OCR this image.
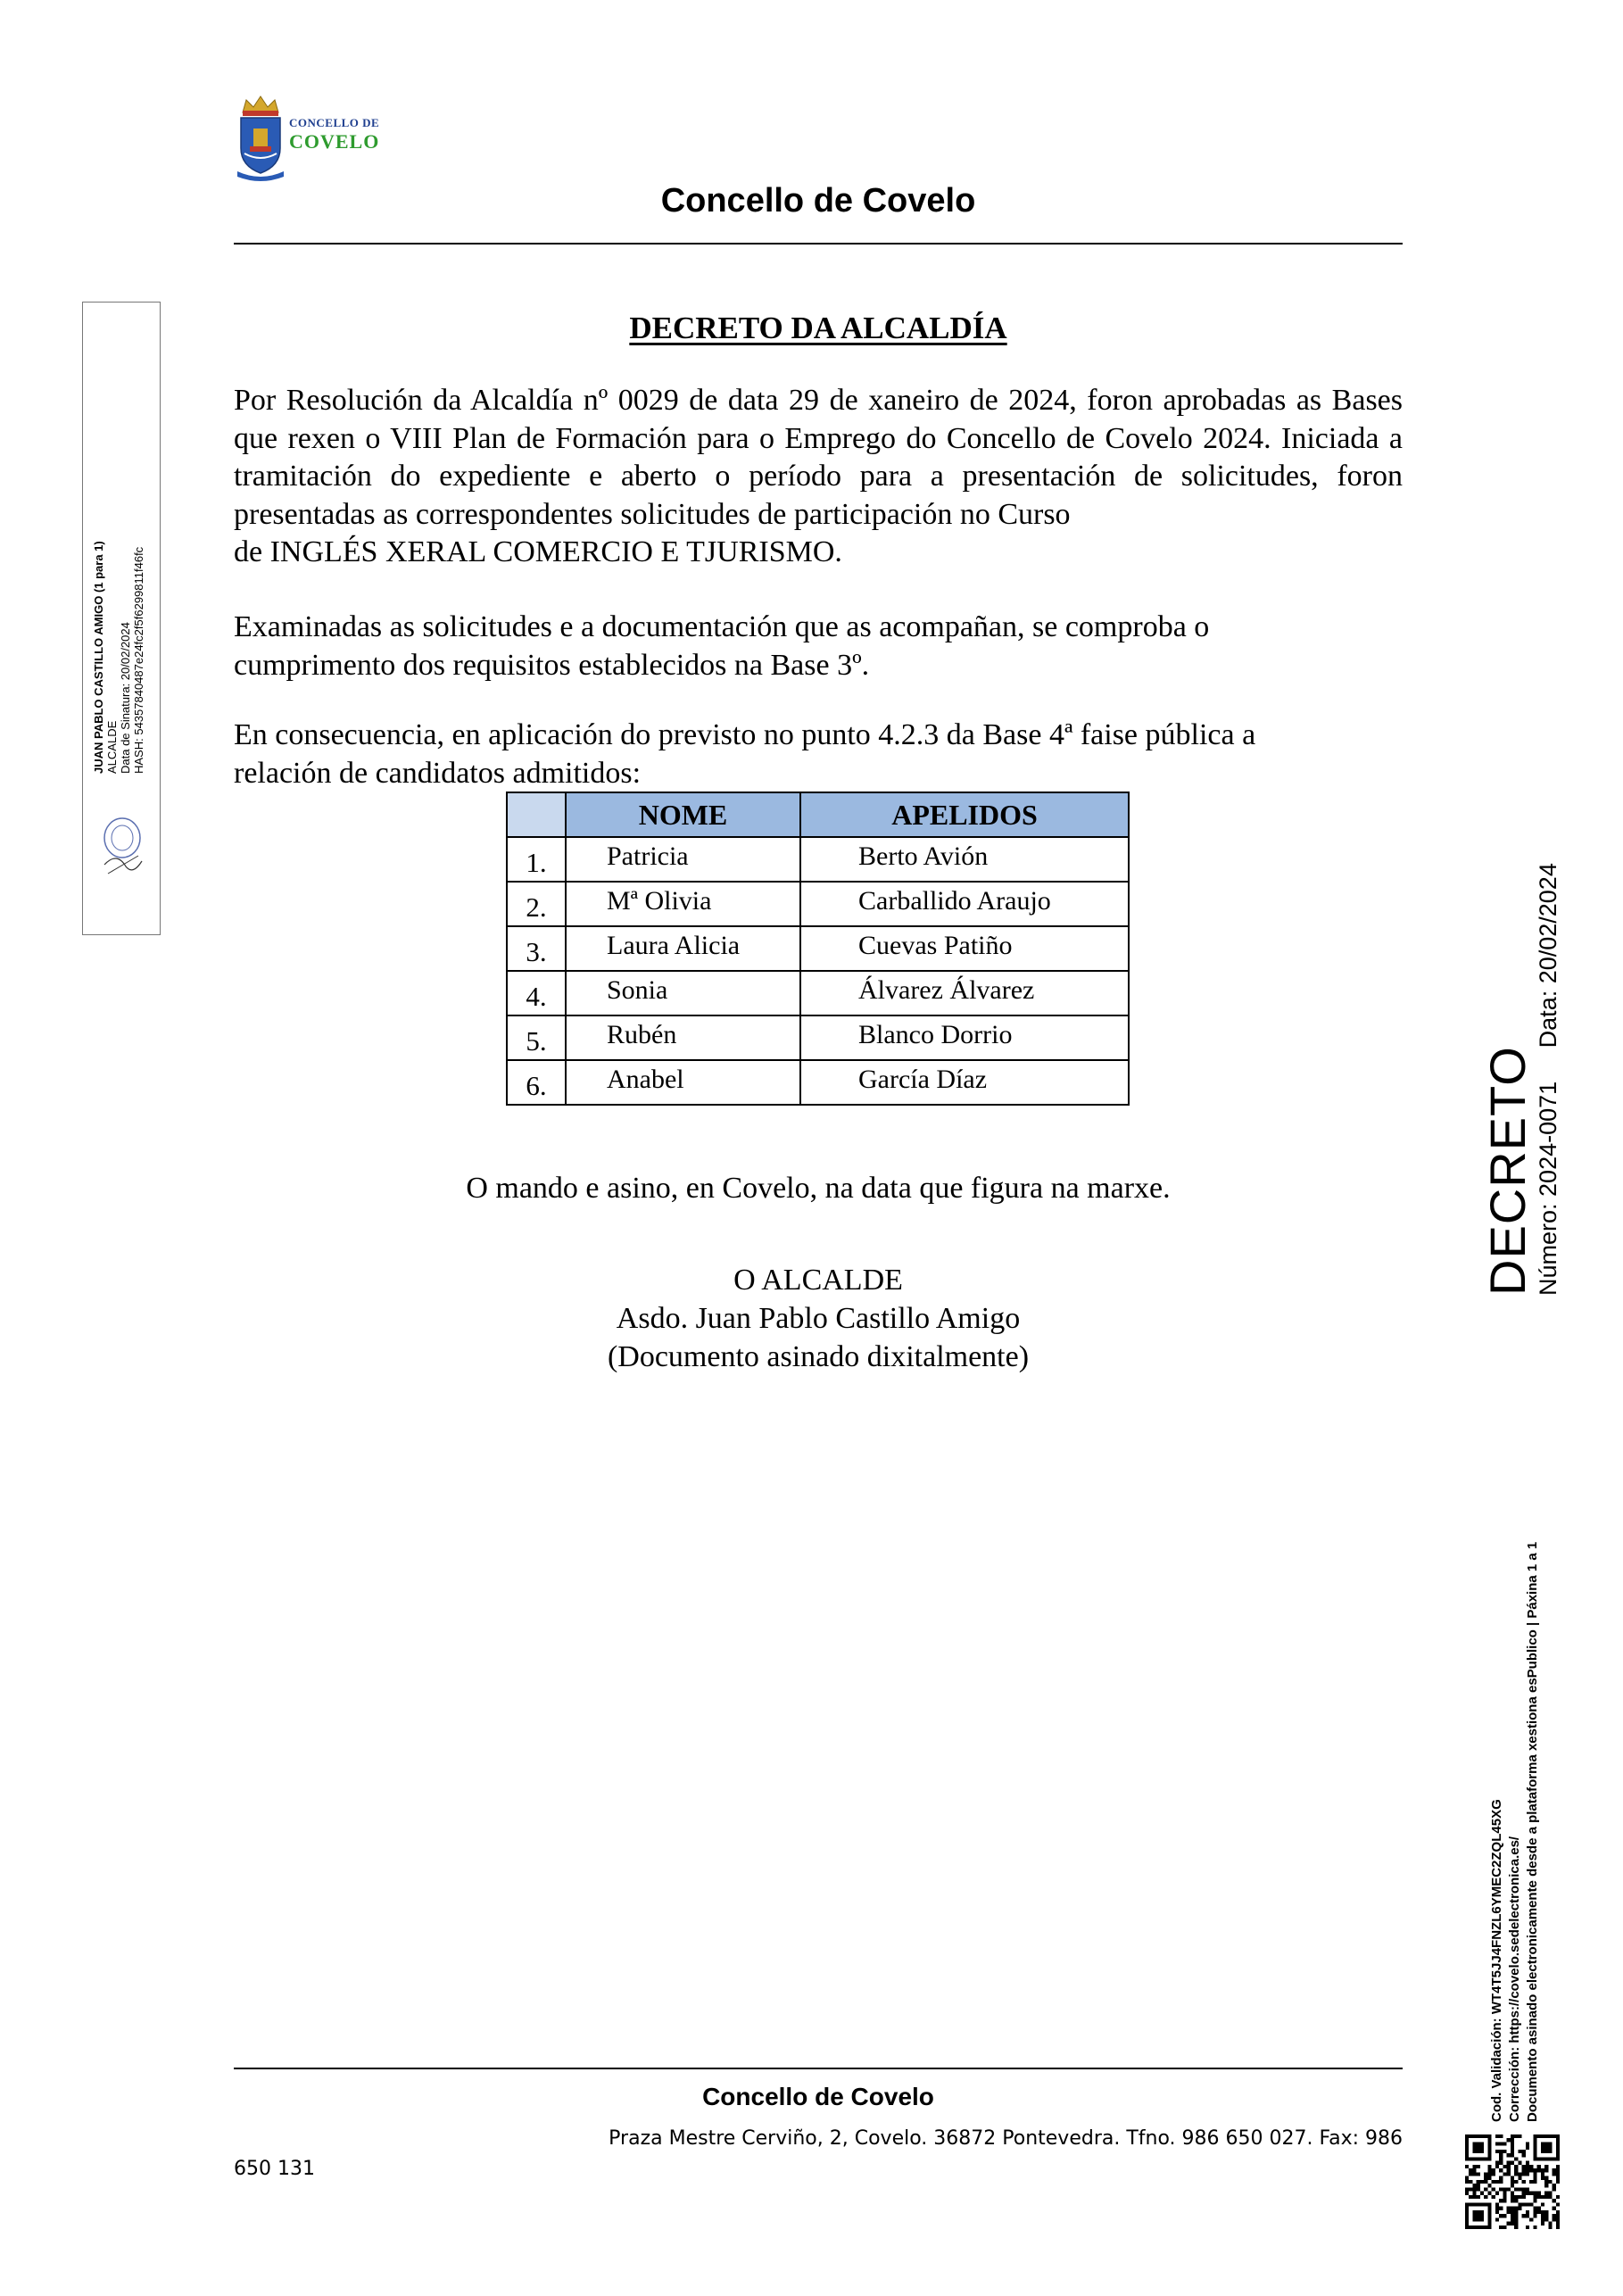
CONCELLO DE
COVELO
Concello de Covelo
JUAN PABLO CASTILLO AMIGO (1 para 1) ALCALDE Data de Sinatura: 20/02/2024 HASH: 54357840487e24fc2f5f6299811f46fc
DECRETO DA ALCALDÍA
Por Resolución da Alcaldía nº 0029 de data 29 de xaneiro de 2024, foron aprobadas as Bases que rexen o VIII Plan de Formación para o Emprego do Concello de Covelo 2024. Iniciada a tramitación do expediente e aberto o período para a presentación de solicitudes, foron presentadas as correspondentes solicitudes de participación no Curso
de INGLÉS XERAL COMERCIO E TJURISMO.
Examinadas as solicitudes e a documentación que as acompañan, se comproba o
cumprimento dos requisitos establecidos na Base 3º.
En consecuencia, en aplicación do previsto no punto 4.2.3 da Base 4ª faise pública a
relación de candidatos admitidos:
	NOME	APELIDOS
1.	Patricia	Berto Avión
2.	Mª Olivia	Carballido Araujo
3.	Laura Alicia	Cuevas Patiño
4.	Sonia	Álvarez Álvarez
5.	Rubén	Blanco Dorrio
6.	Anabel	García Díaz
O mando e asino, en Covelo, na data que figura na marxe.
O ALCALDE
Asdo. Juan Pablo Castillo Amigo
(Documento asinado dixitalmente)
DECRETO Número: 2024-0071     Data: 20/02/2024
Cod. Validación: WT4T5JJ4FNZL6YMEC2ZQL45XG Corrección: https://covelo.sedelectronica.es/ Documento asinado electronicamente desde a plataforma xestiona esPublico | Páxina 1 a 1
Concello de Covelo
Praza Mestre Cerviño, 2, Covelo. 36872 Pontevedra. Tfno. 986 650 027. Fax: 986
650 131
